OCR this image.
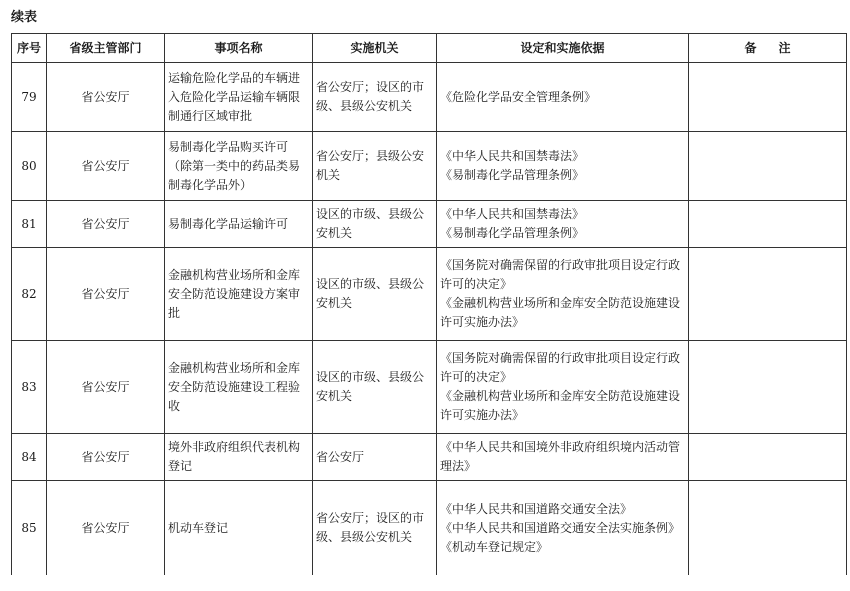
续表
序号	省级主管部门	事项名称	实施机关	设定和实施依据	备注
79	省公安厅	运输危险化学品的车辆进入危险化学品运输车辆限制通行区域审批	省公安厅；设区的市级、县级公安机关	《危险化学品安全管理条例》	

80	省公安厅	易制毒化学品购买许可（除第一类中的药品类易制毒化学品外）	省公安厅；县级公安机关	《中华人民共和国禁毒法》
《易制毒化学品管理条例》	

81	省公安厅	易制毒化学品运输许可	设区的市级、县级公安机关	《中华人民共和国禁毒法》
《易制毒化学品管理条例》	

82	省公安厅	金融机构营业场所和金库安全防范设施建设方案审批	设区的市级、县级公安机关	《国务院对确需保留的行政审批项目设定行政许可的决定》
《金融机构营业场所和金库安全防范设施建设许可实施办法》	

83	省公安厅	金融机构营业场所和金库安全防范设施建设工程验收	设区的市级、县级公安机关	《国务院对确需保留的行政审批项目设定行政许可的决定》
《金融机构营业场所和金库安全防范设施建设许可实施办法》	

84	省公安厅	境外非政府组织代表机构登记	省公安厅	《中华人民共和国境外非政府组织境内活动管理法》	

85	省公安厅	机动车登记	省公安厅；设区的市级、县级公安机关	《中华人民共和国道路交通安全法》
《中华人民共和国道路交通安全法实施条例》
《机动车登记规定》	
